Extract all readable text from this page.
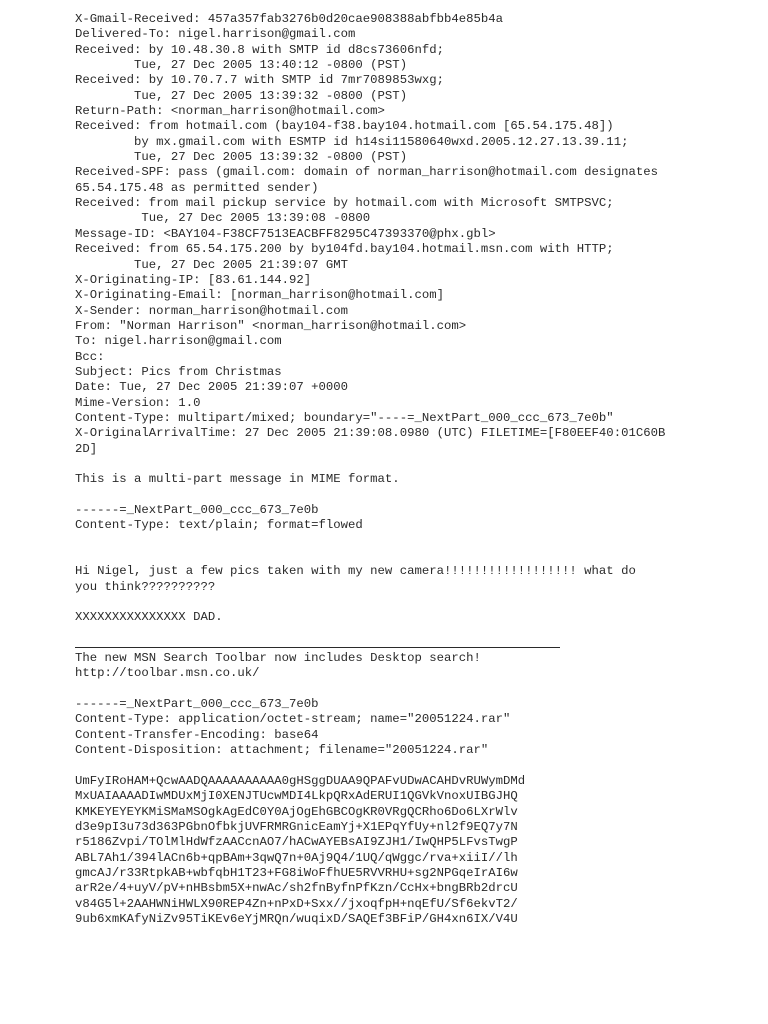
X-Gmail-Received: 457a357fab3276b0d20cae908388abfbb4e85b4a
Delivered-To: nigel.harrison@gmail.com
Received: by 10.48.30.8 with SMTP id d8cs73606nfd;
Tue, 27 Dec 2005 13:40:12 -0800 (PST)
Received: by 10.70.7.7 with SMTP id 7mr7089853wxg;
Tue, 27 Dec 2005 13:39:32 -0800 (PST)
Return-Path: <norman_harrison@hotmail.com>
Received: from hotmail.com (bay104-f38.bay104.hotmail.com [65.54.175.48])
by mx.gmail.com with ESMTP id h14si11580640wxd.2005.12.27.13.39.11;
Tue, 27 Dec 2005 13:39:32 -0800 (PST)
Received-SPF: pass (gmail.com: domain of norman_harrison@hotmail.com designates
65.54.175.48 as permitted sender)
Received: from mail pickup service by hotmail.com with Microsoft SMTPSVC;
Tue, 27 Dec 2005 13:39:08 -0800
Message-ID: <BAY104-F38CF7513EACBFF8295C47393370@phx.gbl>
Received: from 65.54.175.200 by by104fd.bay104.hotmail.msn.com with HTTP;
Tue, 27 Dec 2005 21:39:07 GMT
X-Originating-IP: [83.61.144.92]
X-Originating-Email: [norman_harrison@hotmail.com]
X-Sender: norman_harrison@hotmail.com
From: "Norman Harrison" <norman_harrison@hotmail.com>
To: nigel.harrison@gmail.com
Bcc:
Subject: Pics from Christmas
Date: Tue, 27 Dec 2005 21:39:07 +0000
Mime-Version: 1.0
Content-Type: multipart/mixed; boundary="----=_NextPart_000_ccc_673_7e0b"
X-OriginalArrivalTime: 27 Dec 2005 21:39:08.0980 (UTC) FILETIME=[F80EEF40:01C60B
2D]
This is a multi-part message in MIME format.
------=_NextPart_000_ccc_673_7e0b
Content-Type: text/plain; format=flowed
Hi Nigel, just a few pics taken with my new camera!!!!!!!!!!!!!!!!!! what do
you think??????????
XXXXXXXXXXXXXXX DAD.
The new MSN Search Toolbar now includes Desktop search!
http://toolbar.msn.co.uk/
------=_NextPart_000_ccc_673_7e0b
Content-Type: application/octet-stream; name="20051224.rar"
Content-Transfer-Encoding: base64
Content-Disposition: attachment; filename="20051224.rar"
UmFyIRoHAM+QcwAADQAAAAAAAAAA0gHSggDUAA9QPAFvUDwACAHDvRUWymDMd
MxUAIAAAADIwMDUxMjI0XENJTUcwMDI4LkpQRxAdERUI1QGVkVnoxUIBGJHQ
KMKEYEYEYKMiSMaMSOgkAgEdC0Y0AjOgEhGBCOgKR0VRgQCRho6Do6LXrWlv
d3e9pI3u73d363PGbnOfbkjUVFRMRGnicEamYj+X1EPqYfUy+nl2f9EQ7y7N
r5186Zvpi/TOlMlHdWfzAACcnAO7/hACwAYEBsAI9ZJH1/IwQHP5LFvsTwgP
ABL7Ah1/394lACn6b+qpBAm+3qwQ7n+0Aj9Q4/1UQ/qWggc/rva+xiiI//lh
gmcAJ/r33RtpkAB+wbfqbH1T23+FG8iWoFfhUE5RVVRHU+sg2NPGqeIrAI6w
arR2e/4+uyV/pV+nHBsbm5X+nwAc/sh2fnByfnPfKzn/CcHx+bngBRb2drcU
v84G5l+2AAHWNiHWLX90REP4Zn+nPxD+Sxx//jxoqfpH+nqEfU/Sf6ekvT2/
9ub6xmKAfyNiZv95TiKEv6eYjMRQn/wuqixD/SAQEf3BFiP/GH4xn6IX/V4U
